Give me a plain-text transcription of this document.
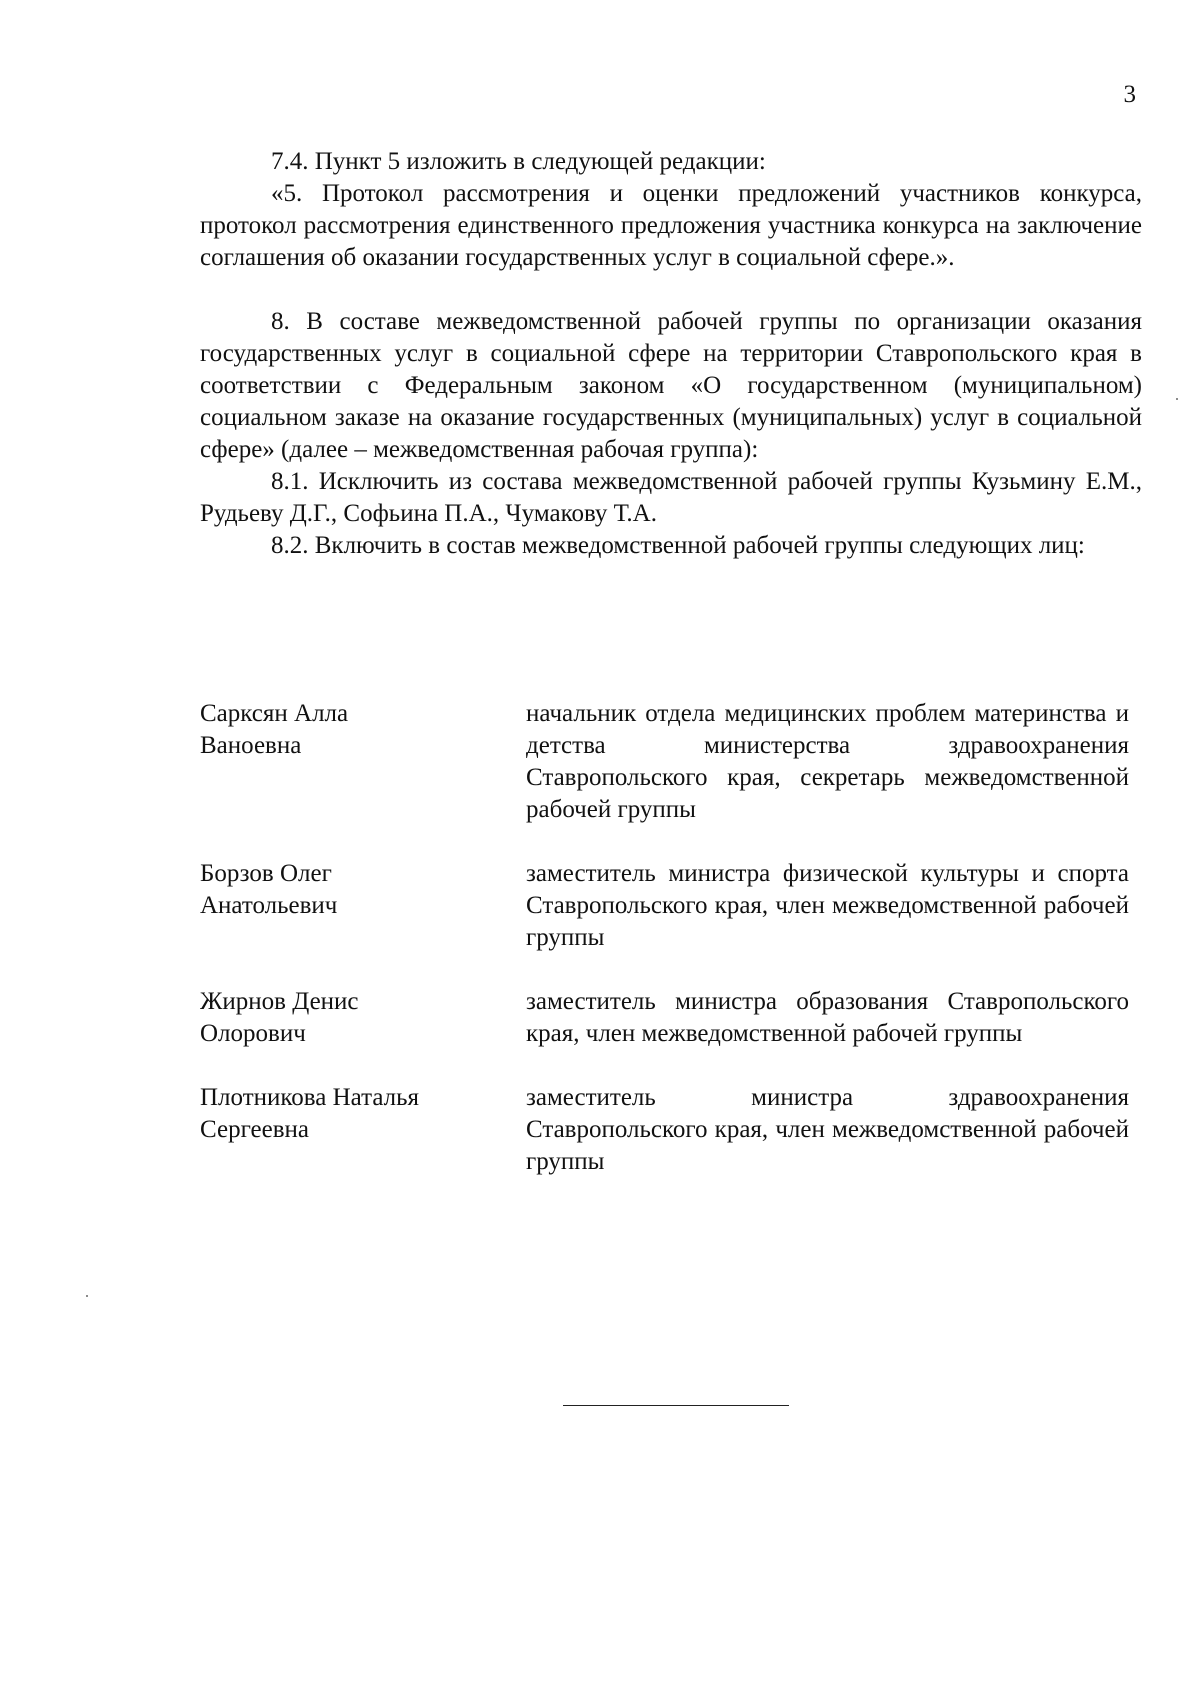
3

7.4. Пункт 5 изложить в следующей редакции:

«5. Протокол рассмотрения и оценки предложений участников конкурса, протокол рассмотрения единственного предложения участника конкурса на заключение соглашения об оказании государственных услуг в социальной сфере.».

8. В составе межведомственной рабочей группы по организации оказания государственных услуг в социальной сфере на территории Ставропольского края в соответствии с Федеральным законом «О государственном (муниципальном) социальном заказе на оказание государственных (муниципальных) услуг в социальной сфере» (далее – межведомственная рабочая группа):

8.1. Исключить из состава межведомственной рабочей группы Кузьмину Е.М., Рудьеву Д.Г., Софьина П.А., Чумакову Т.А.

8.2. Включить в состав межведомственной рабочей группы следующих лиц:

Сарксян Алла
Ваноевна
начальник отдела медицинских проблем материнства и детства министерства здравоохранения Ставропольского края, секретарь межведомственной рабочей группы
Борзов Олег
Анатольевич
заместитель министра физической культуры и спорта Ставропольского края, член межведомственной рабочей группы
Жирнов Денис
Олорович
заместитель министра образования Ставропольского края, член межведомственной рабочей группы
Плотникова Наталья
Сергеевна
заместитель министра здравоохранения Ставропольского края, член межведомственной рабочей группы
